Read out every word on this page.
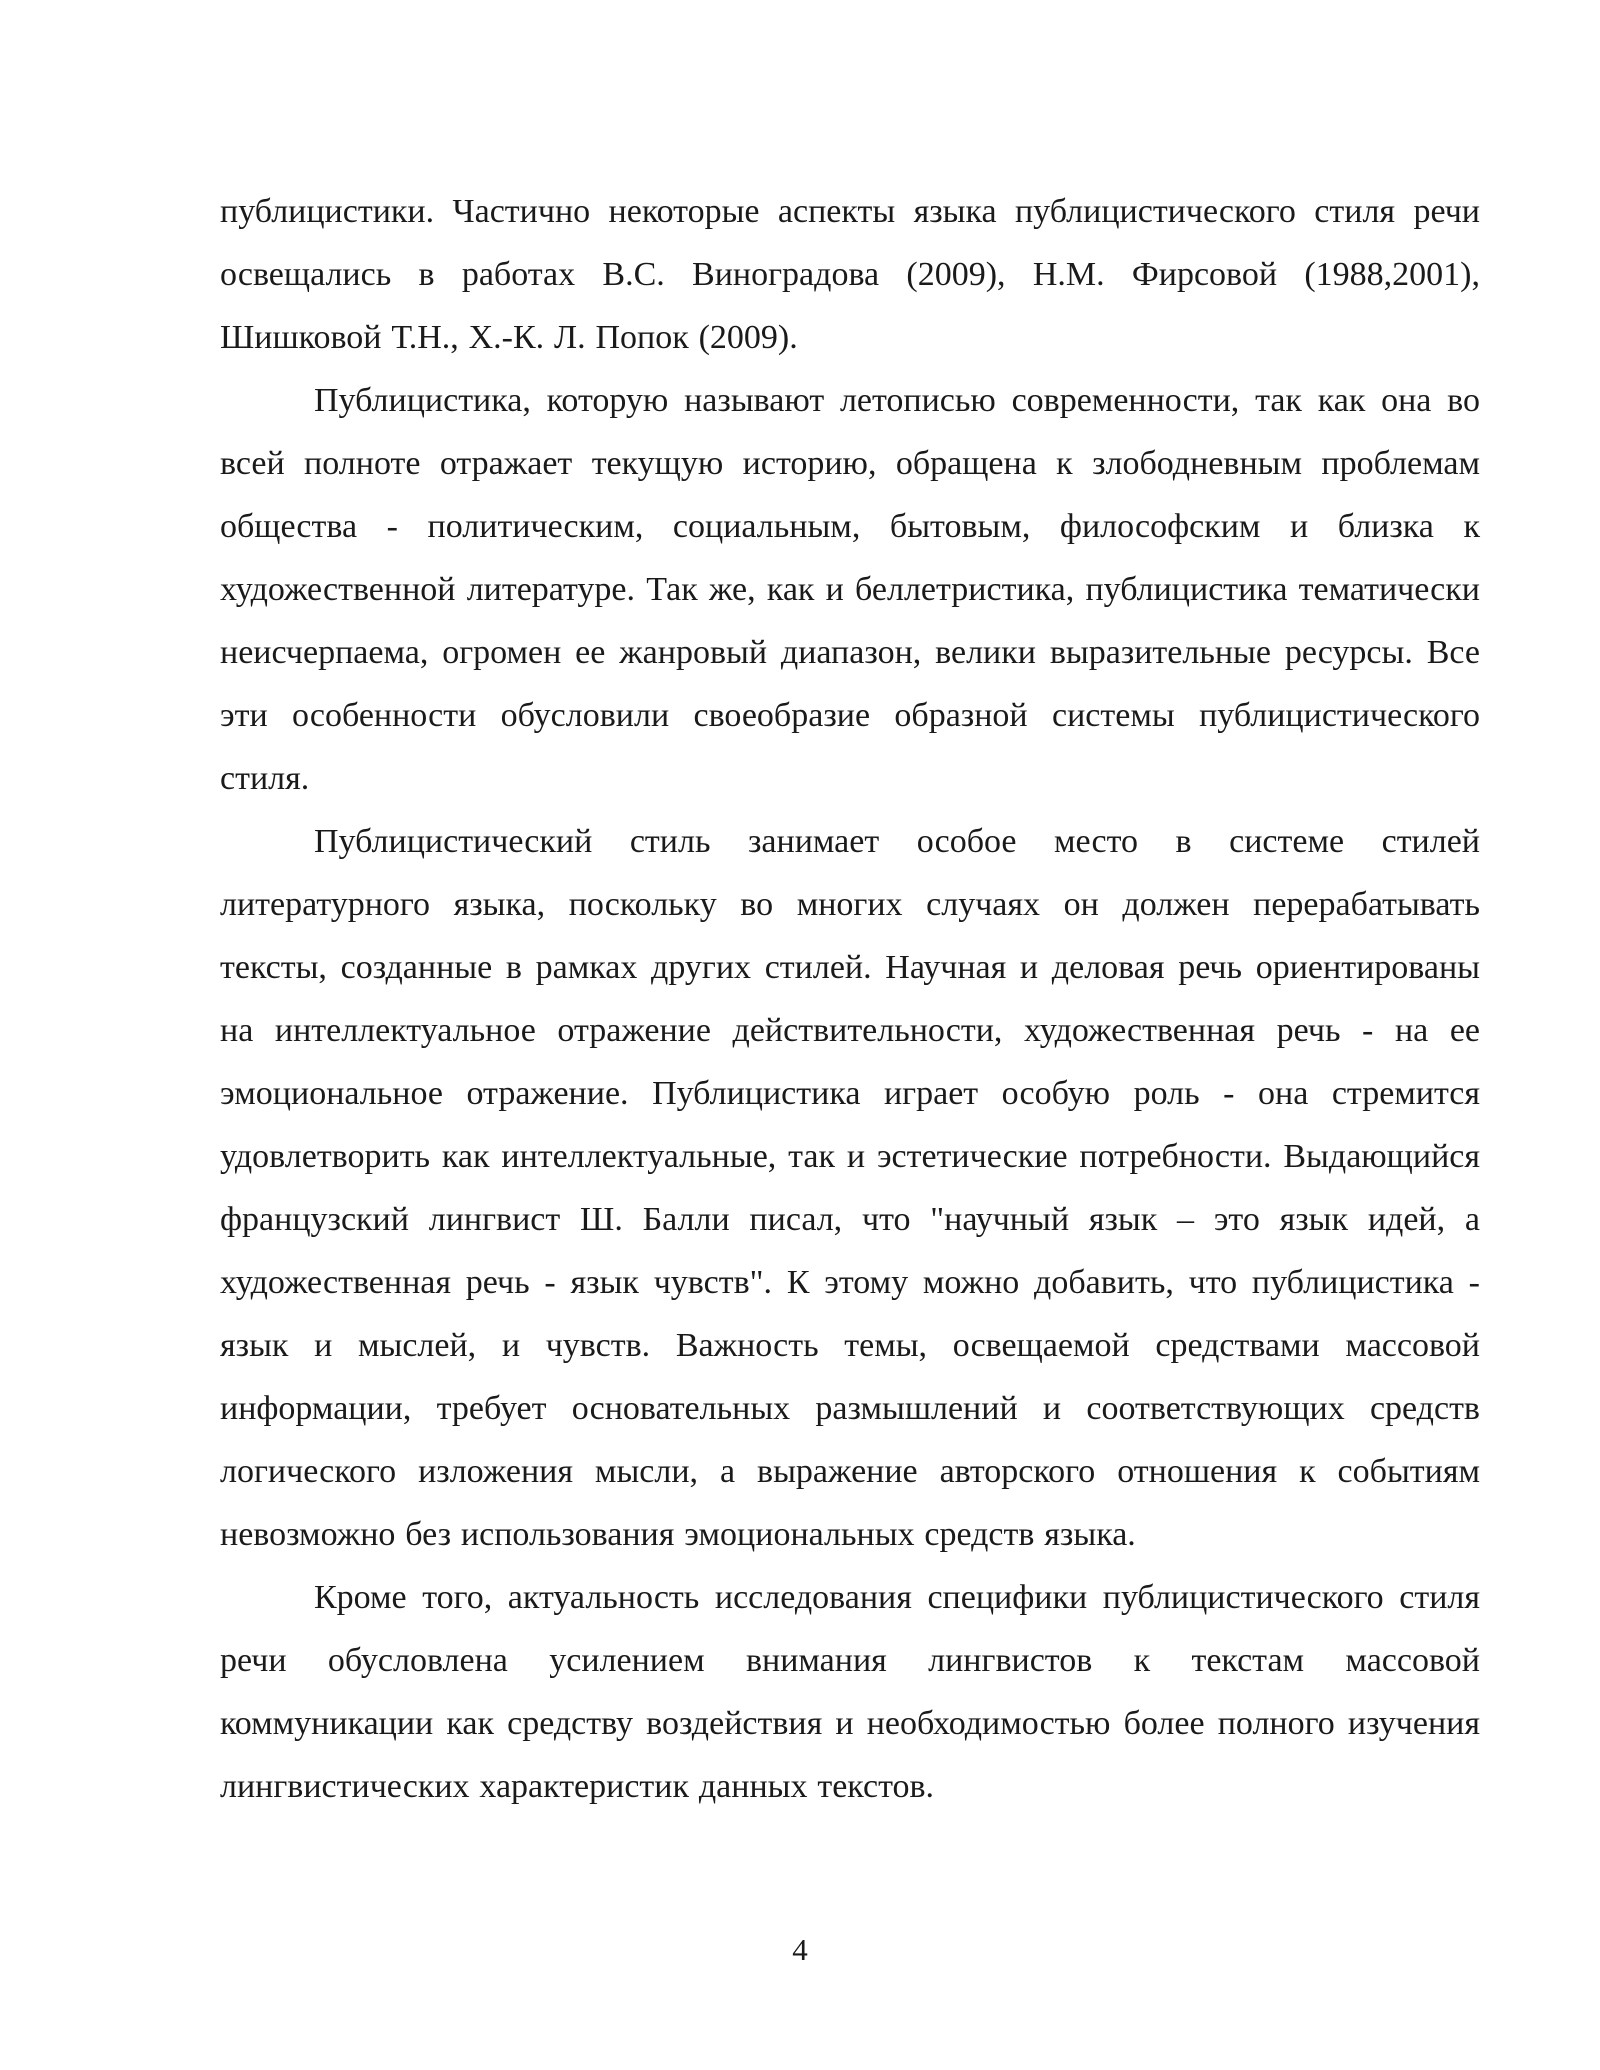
публицистики. Частично некоторые аспекты языка публицистического стиля речи освещались в работах В.С. Виноградова (2009), Н.М. Фирсовой (1988,2001), Шишковой Т.Н., Х.-К. Л. Попок (2009).

Публицистика, которую называют летописью современности, так как она во всей полноте отражает текущую историю, обращена к злободневным проблемам общества - политическим, социальным, бытовым, философским и близка к художественной литературе. Так же, как и беллетристика, публицистика тематически неисчерпаема, огромен ее жанровый диапазон, велики выразительные ресурсы. Все эти особенности обусловили своеобразие образной системы публицистического стиля.

Публицистический стиль занимает особое место в системе стилей литературного языка, поскольку во многих случаях он должен перерабатывать тексты, созданные в рамках других стилей. Научная и деловая речь ориентированы на интеллектуальное отражение действительности, художественная речь - на ее эмоциональное отражение. Публицистика играет особую роль - она стремится удовлетворить как интеллектуальные, так и эстетические потребности. Выдающийся французский лингвист Ш. Балли писал, что "научный язык – это язык идей, а художественная речь - язык чувств". К этому можно добавить, что публицистика - язык и мыслей, и чувств. Важность темы, освещаемой средствами массовой информации, требует основательных размышлений и соответствующих средств логического изложения мысли, а выражение авторского отношения к событиям невозможно без использования эмоциональных средств языка.

Кроме того, актуальность исследования специфики публицистического стиля речи обусловлена усилением внимания лингвистов к текстам массовой коммуникации как средству воздействия и необходимостью более полного изучения лингвистических характеристик данных текстов.

4
